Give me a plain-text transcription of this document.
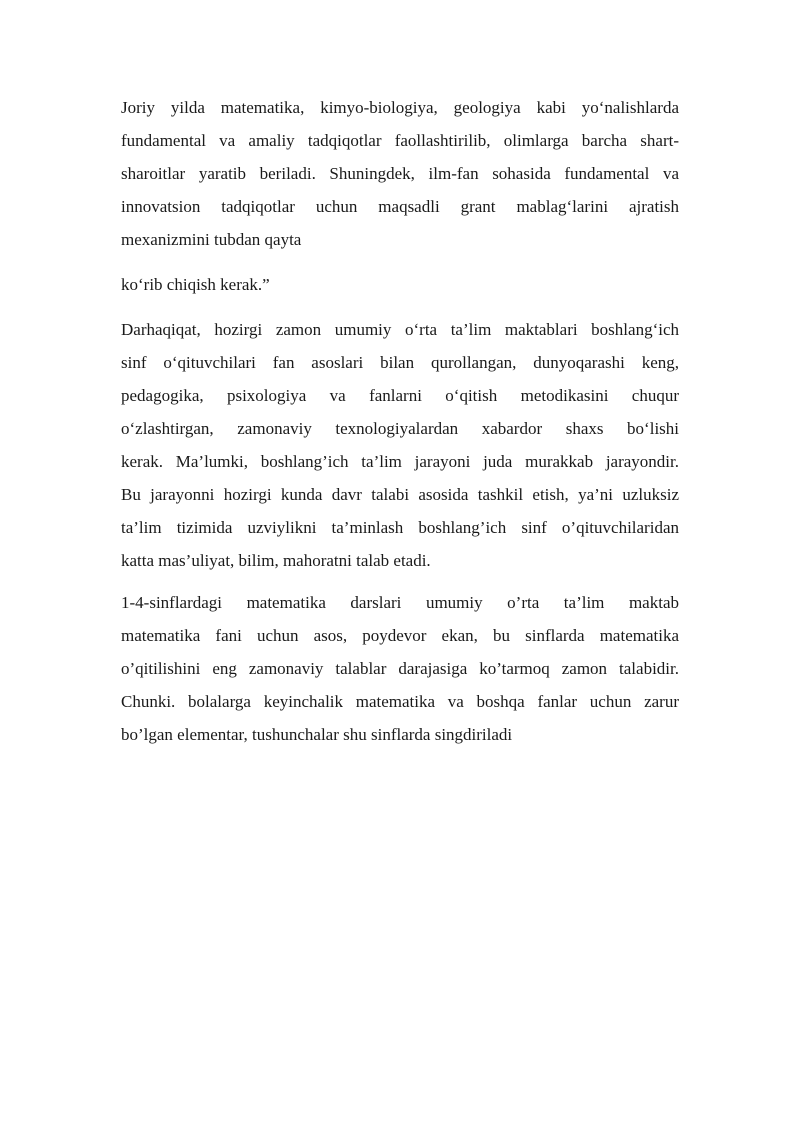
Joriy yilda matematika, kimyo-biologiya, geologiya kabi yo‘nalishlarda
fundamental va amaliy tadqiqotlar faollashtirilib, olimlarga barcha shart-
sharoitlar yaratib beriladi. Shuningdek, ilm-fan sohasida fundamental va
innovatsion tadqiqotlar uchun maqsadli grant mablag‘larini ajratish
mexanizmini tubdan qayta
ko‘rib chiqish kerak.”
Darhaqiqat, hozirgi zamon umumiy o‘rta ta’lim maktablari boshlang‘ich
sinf o‘qituvchilari fan asoslari bilan qurollangan, dunyoqarashi keng,
pedagogika, psixologiya va fanlarni o‘qitish metodikasini chuqur
o‘zlashtirgan, zamonaviy texnologiyalardan xabardor shaxs bo‘lishi
kerak. Ma’lumki, boshlang’ich ta’lim jarayoni juda murakkab jarayondir.
Bu jarayonni hozirgi kunda davr talabi asosida tashkil etish, ya’ni uzluksiz
ta’lim tizimida uzviylikni ta’minlash boshlang’ich sinf o’qituvchilaridan
katta mas’uliyat, bilim, mahoratni talab etadi.
1-4-sinflardagi matematika darslari umumiy o’rta ta’lim maktab
matematika fani uchun asos, poydevor ekan, bu sinflarda matematika
o’qitilishini eng zamonaviy talablar darajasiga ko’tarmoq zamon talabidir.
Chunki. bolalarga keyinchalik matematika va boshqa fanlar uchun zarur
bo’lgan elementar, tushunchalar shu sinflarda singdiriladi
